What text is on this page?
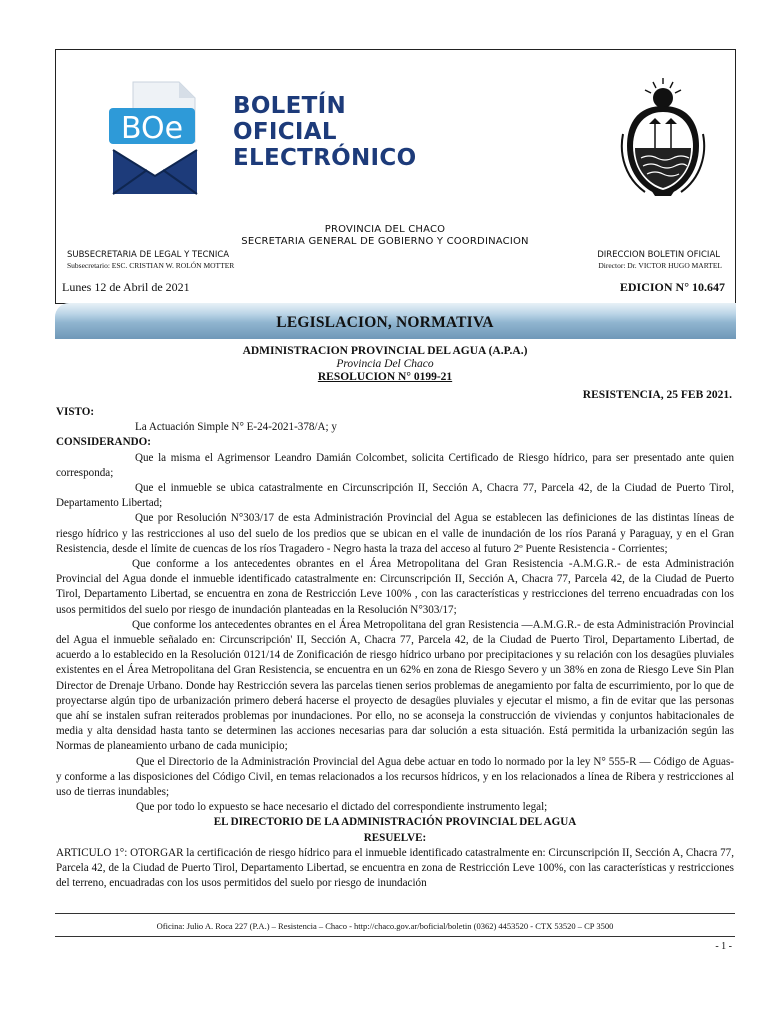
BOe
BOLETÍN
OFICIAL
ELECTRÓNICO
PROVINCIA DEL CHACO
SECRETARIA GENERAL DE GOBIERNO Y COORDINACION
SUBSECRETARIA DE LEGAL Y TECNICA	DIRECCION BOLETIN OFICIAL
Subsecretario: ESC. CRISTIAN W. ROLÓN MOTTER	Director: Dr. VICTOR HUGO MARTEL
Lunes 12 de Abril de 2021	EDICION N° 10.647
LEGISLACION, NORMATIVA
ADMINISTRACION PROVINCIAL DEL AGUA (A.P.A.)
Provincia Del Chaco
RESOLUCION N° 0199-21
RESISTENCIA, 25 FEB 2021.

VISTO:

La Actuación Simple N° E-24-2021-378/A; y

CONSIDERANDO:

Que la misma el Agrimensor Leandro Damián Colcombet, solicita Certificado de Riesgo hídrico, para ser presentado ante quien corresponda;

Que el inmueble se ubica catastralmente en Circunscripción II, Sección A, Chacra 77, Parcela 42, de la Ciudad de Puerto Tirol, Departamento Libertad;

Que por Resolución N°303/17 de esta Administración Provincial del Agua se establecen las definiciones de las distintas líneas de riesgo hídrico y las restricciones al uso del suelo de los predios que se ubican en el valle de inundación de los ríos Paraná y Paraguay, y en el Gran Resistencia, desde el límite de cuencas de los ríos Tragadero - Negro hasta la traza del acceso al futuro 2º Puente Resistencia - Corrientes;

Que conforme a los antecedentes obrantes en el Área Metropolitana del Gran Resistencia -A.M.G.R.- de esta Administración Provincial del Agua donde el inmueble identificado catastralmente en: Circunscripción II, Sección A, Chacra 77, Parcela 42, de la Ciudad de Puerto Tirol, Departamento Libertad, se encuentra en zona de Restricción Leve 100% , con las características y restricciones del terreno encuadradas con los usos permitidos del suelo por riesgo de inundación planteadas en la Resolución N°303/17;

Que conforme los antecedentes obrantes en el Área Metropolitana del gran Resistencia —A.M.G.R.- de esta Administración Provincial del Agua el inmueble señalado en: Circunscripción' II, Sección A, Chacra 77, Parcela 42, de la Ciudad de Puerto Tirol, Departamento Libertad, de acuerdo a lo establecido en la Resolución 0121/14 de Zonificación de riesgo hídrico urbano por precipitaciones y su relación con los desagües pluviales existentes en el Área Metropolitana del Gran Resistencia, se encuentra en un 62% en zona de Riesgo Severo y un 38% en zona de Riesgo Leve Sin Plan Director de Drenaje Urbano. Donde hay Restricción severa las parcelas tienen serios problemas de anegamiento por falta de escurrimiento, por lo que de proyectarse algún tipo de urbanización primero deberá hacerse el proyecto de desagües pluviales y ejecutar el mismo, a fin de evitar que las personas que ahí se instalen sufran reiterados problemas por inundaciones. Por ello, no se aconseja la construcción de viviendas y conjuntos habitacionales de media y alta densidad hasta tanto se determinen las acciones necesarias para dar solución a esta situación. Está permitida la urbanización según las Normas de planeamiento urbano de cada municipio;

Que el Directorio de la Administración Provincial del Agua debe actuar en todo lo normado por la ley N° 555-R — Código de Aguas- y conforme a las disposiciones del Código Civil, en temas relacionados a los recursos hídricos, y en los relacionados a línea de Ribera y restricciones al uso de tierras inundables;

Que por todo lo expuesto se hace necesario el dictado del correspondiente instrumento legal;

EL DIRECTORIO DE LA ADMINISTRACIÓN PROVINCIAL DEL AGUA

RESUELVE:

ARTICULO 1°: OTORGAR la certificación de riesgo hídrico para el inmueble identificado catastralmente en: Circunscripción II, Sección A, Chacra 77, Parcela 42, de la Ciudad de Puerto Tirol, Departamento Libertad, se encuentra en zona de Restricción Leve 100%, con las características y restricciones del terreno, encuadradas con los usos permitidos del suelo por riesgo de inundación

Oficina: Julio A. Roca 227 (P.A.) – Resistencia – Chaco - http://chaco.gov.ar/boficial/boletin (0362) 4453520 - CTX 53520 – CP 3500
- 1 -
